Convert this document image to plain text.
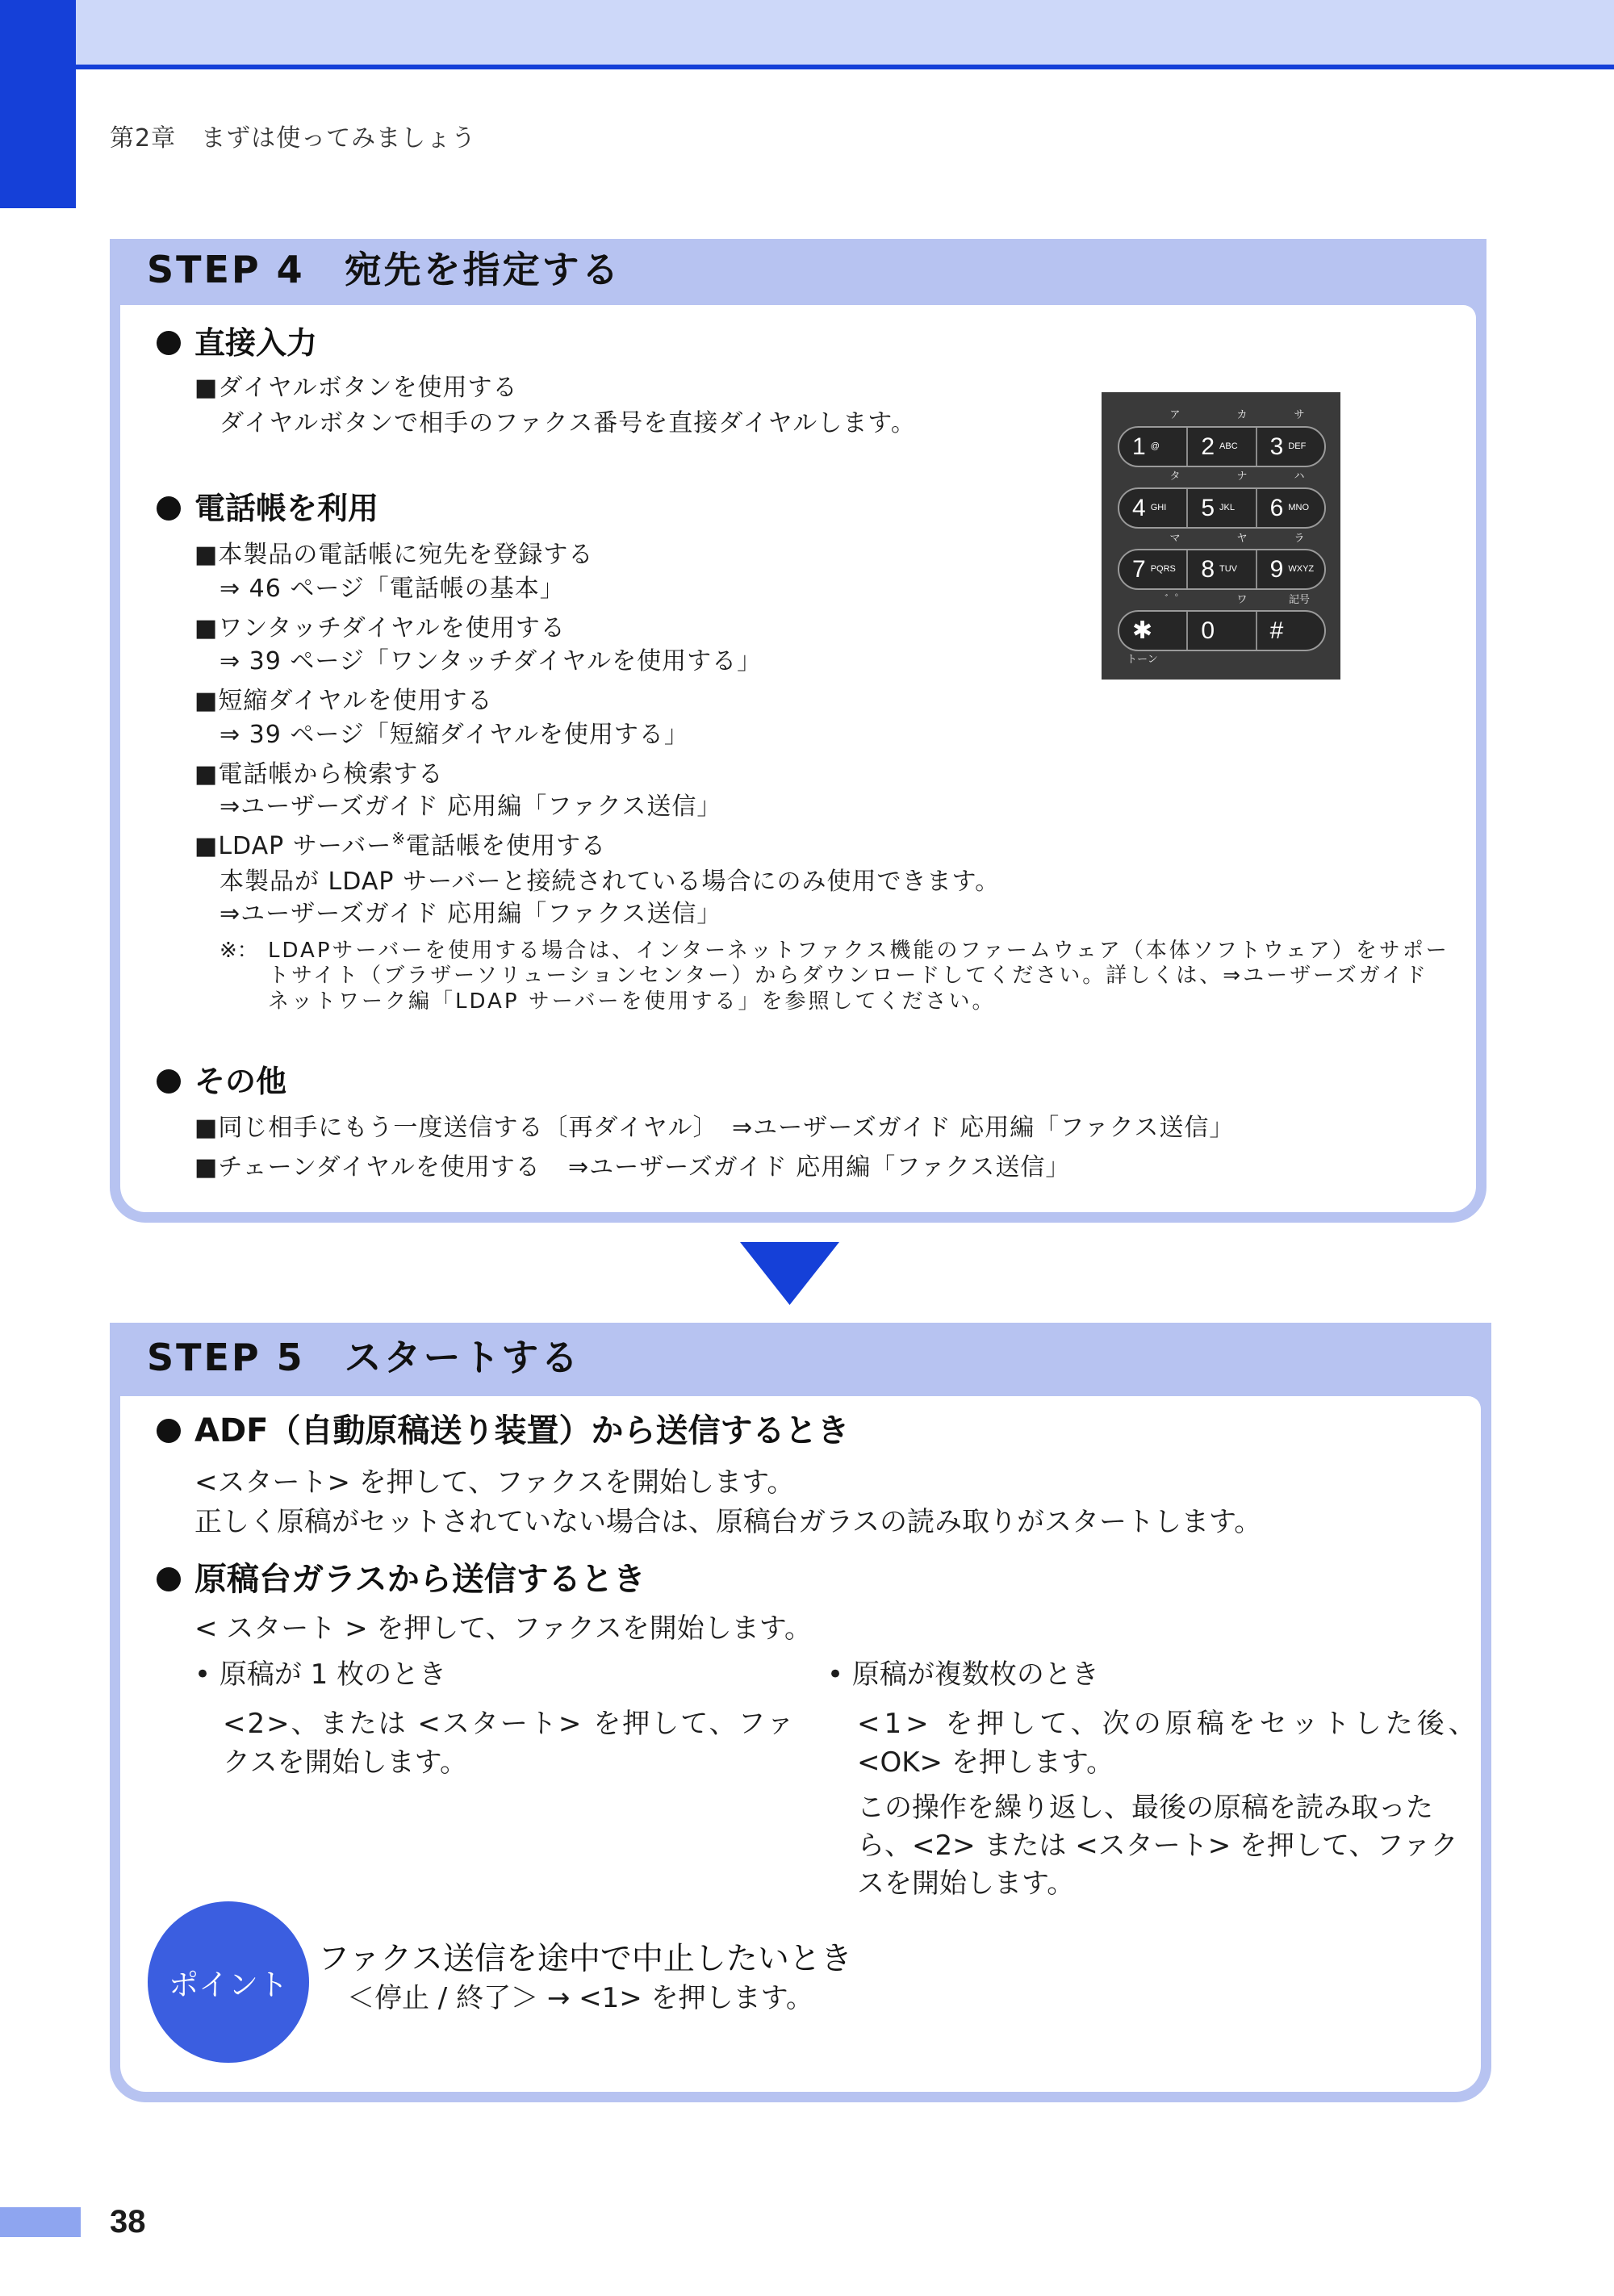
第2章　まずは使ってみましょう
STEP 4　宛先を指定する
直接入力
■ダイヤルボタンを使用する
ダイヤルボタンで相手のファクス番号を直接ダイヤルします。	ア	カ	サ
1 @ 2 ABC 3 DEF
タ	ナ	ハ
4 GHI 5 JKL 6 MNO
マ	ヤ	ラ
7 PQRS 8 TUV 9 WXYZ
゛゜	ワ	記号
✱ 0 #
トーン
電話帳を利用
■本製品の電話帳に宛先を登録する
⇒ 46 ページ「電話帳の基本」
■ワンタッチダイヤルを使用する
⇒ 39 ページ「ワンタッチダイヤルを使用する」
■短縮ダイヤルを使用する
⇒ 39 ページ「短縮ダイヤルを使用する」
■電話帳から検索する
⇒ユーザーズガイド 応用編「ファクス送信」
■LDAP サーバー※電話帳を使用する
本製品が LDAP サーバーと接続されている場合にのみ使用できます。
⇒ユーザーズガイド 応用編「ファクス送信」
※： LDAPサーバーを使用する場合は、インターネットファクス機能のファームウェア（本体ソフトウェア）をサポー
トサイト（ブラザーソリューションセンター）からダウンロードしてください。詳しくは、⇒ユーザーズガイド
ネットワーク編「LDAP サーバーを使用する」を参照してください。
その他
■同じ相手にもう一度送信する〔再ダイヤル〕 ⇒ユーザーズガイド 応用編「ファクス送信」
■チェーンダイヤルを使用する ⇒ユーザーズガイド 応用編「ファクス送信」
STEP 5　スタートする
ADF（自動原稿送り装置）から送信するとき
<スタート> を押して、ファクスを開始します。
正しく原稿がセットされていない場合は、原稿台ガラスの読み取りがスタートします。
原稿台ガラスから送信するとき
< スタート > を押して、ファクスを開始します。
• 原稿が 1 枚のとき
<2>、または <スタート> を押して、ファ
クスを開始します。
• 原稿が複数枚のとき
<1> を押して、次の原稿をセットした後、
<OK> を押します。
この操作を繰り返し、最後の原稿を読み取った
ら、<2> または <スタート> を押して、ファク
スを開始します。
ポイント
ファクス送信を途中で中止したいとき
＜停止 / 終了＞ → <1> を押します。
38
